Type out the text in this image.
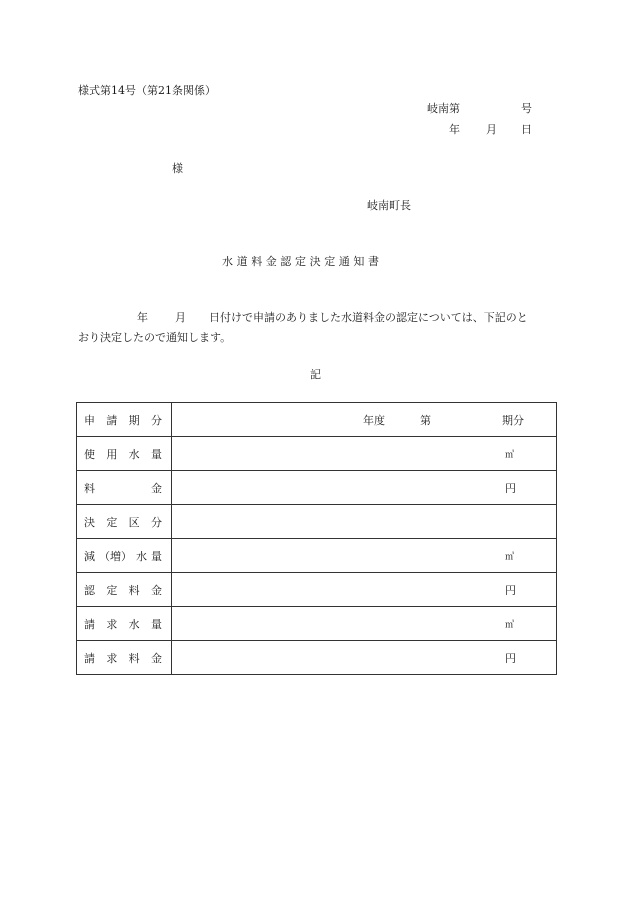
様式第14号（第21条関係）
岐南第	号
年 月 日
様
岐南町長
水道料金認定決定通知書
年 月 日付けで申請のありました水道料金の認定については、下記のと
おり決定したので通知します。
記
申 請 期 分	年度 第 期分

使 用 水 量	㎥

料 金	円

決 定 区 分	

減 （増） 水 量	㎥

認 定 料 金	円

請 求 水 量	㎥

請 求 料 金	円
